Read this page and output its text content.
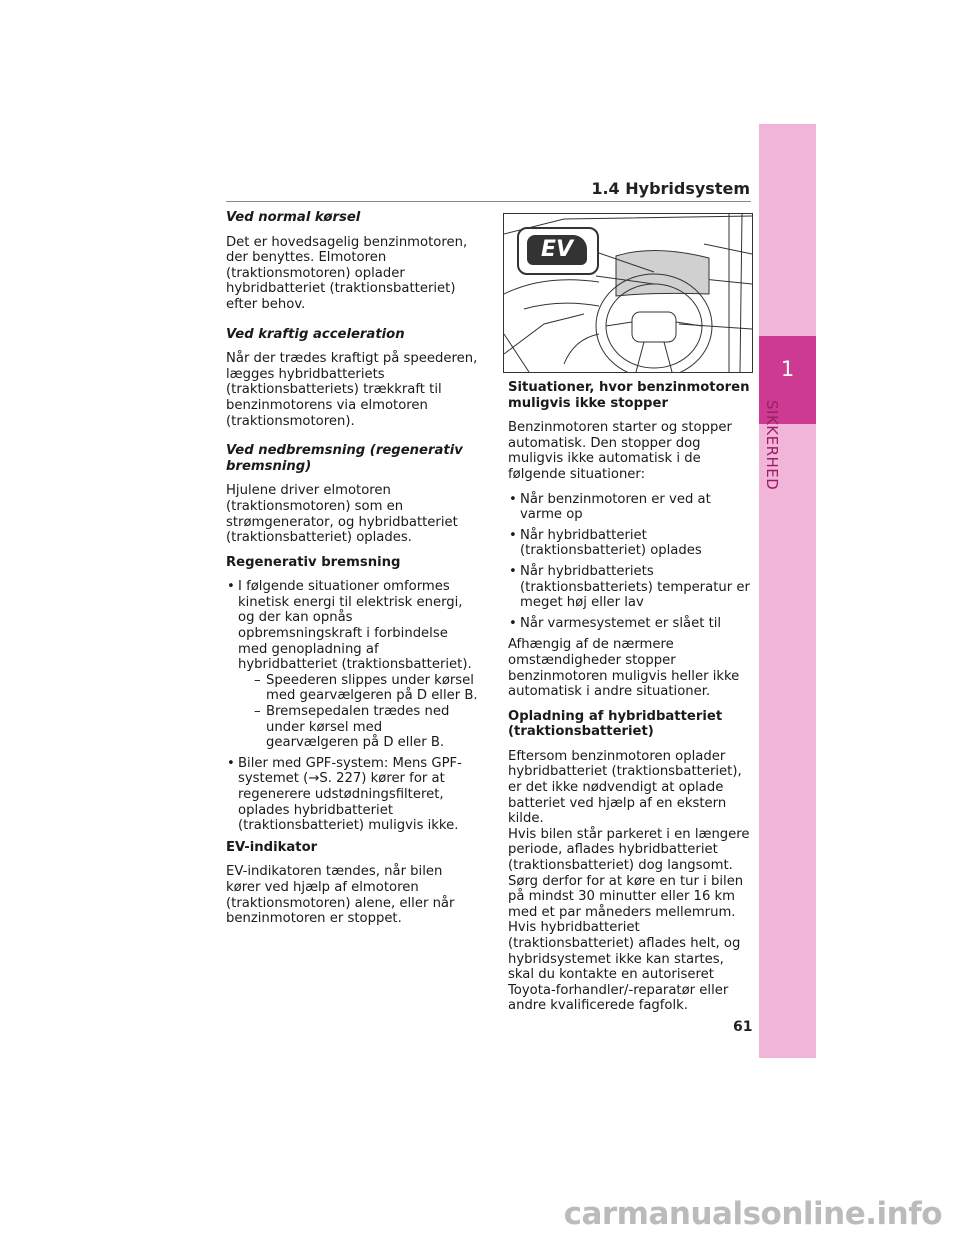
1
SIKKERHED
1.4 Hybridsystem
Ved normal kørsel

Det er hovedsagelig benzinmotoren, der benyttes. Elmotoren (traktionsmotoren) oplader hybridbatteriet (traktionsbatteriet) efter behov.

Ved kraftig acceleration

Når der trædes kraftigt på speederen, lægges hybridbatteriets (traktionsbatteriets) trækkraft til benzinmotorens via elmotoren (traktionsmotoren).

Ved nedbremsning (regenerativ bremsning)

Hjulene driver elmotoren (traktionsmotoren) som en strømgenerator, og hybridbatteriet (traktionsbatteriet) oplades.

Regenerativ bremsning
• I følgende situationer omformes kinetisk energi til elektrisk energi, og der kan opnås opbremsningskraft i forbindelse med genopladning af hybridbatteriet (traktionsbatteriet).
– Speederen slippes under kørsel med gearvælgeren på D eller B.
– Bremsepedalen trædes ned under kørsel med gearvælgeren på D eller B.
• Biler med GPF-system: Mens GPF-systemet (→S. 227) kører for at regenerere udstødningsfilteret, oplades hybridbatteriet (traktionsbatteriet) muligvis ikke.
EV-indikator

EV-indikatoren tændes, når bilen kører ved hjælp af elmotoren (traktionsmotoren) alene, eller når benzinmotoren er stoppet.

EV
Situationer, hvor benzinmotoren muligvis ikke stopper

Benzinmotoren starter og stopper automatisk. Den stopper dog muligvis ikke automatisk i de følgende situationer:

• Når benzinmotoren er ved at varme op
• Når hybridbatteriet (traktionsbatteriet) oplades
• Når hybridbatteriets (traktionsbatteriets) temperatur er meget høj eller lav
• Når varmesystemet er slået til

Afhængig af de nærmere omstændigheder stopper benzinmotoren muligvis heller ikke automatisk i andre situationer.

Opladning af hybridbatteriet (traktionsbatteriet)

Eftersom benzinmotoren oplader hybridbatteriet (traktionsbatteriet), er det ikke nødvendigt at oplade batteriet ved hjælp af en ekstern kilde.
Hvis bilen står parkeret i en længere periode, aflades hybridbatteriet (traktionsbatteriet) dog langsomt.
Sørg derfor for at køre en tur i bilen på mindst 30 minutter eller 16 km med et par måneders mellemrum. Hvis hybridbatteriet (traktionsbatteriet) aflades helt, og hybridsystemet ikke kan startes, skal du kontakte en autoriseret Toyota-forhandler/-reparatør eller andre kvalificerede fagfolk.

61
carmanualsonline.info
